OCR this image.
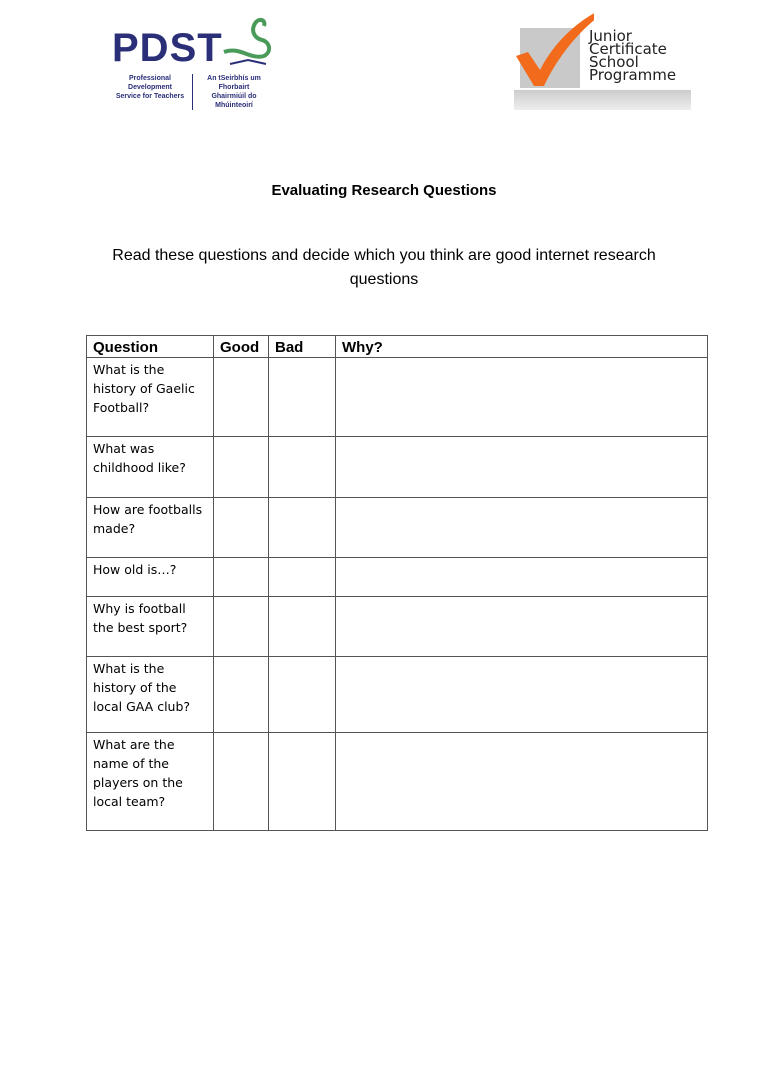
PDST
Professional Development
Service for Teachers
An tSeirbhís um Fhorbairt
Ghairmiúil do Mhúinteoirí
Junior
Certificate
School
Programme
Evaluating Research Questions
Read these questions and decide which you think are good internet research questions
Question	Good	Bad	Why?
What is the history of Gaelic Football?			
What was childhood like?			
How are footballs made?			
How old is…?			
Why is football the best sport?			
What is the history of the local GAA club?			
What are the name of the players on the local team?			
